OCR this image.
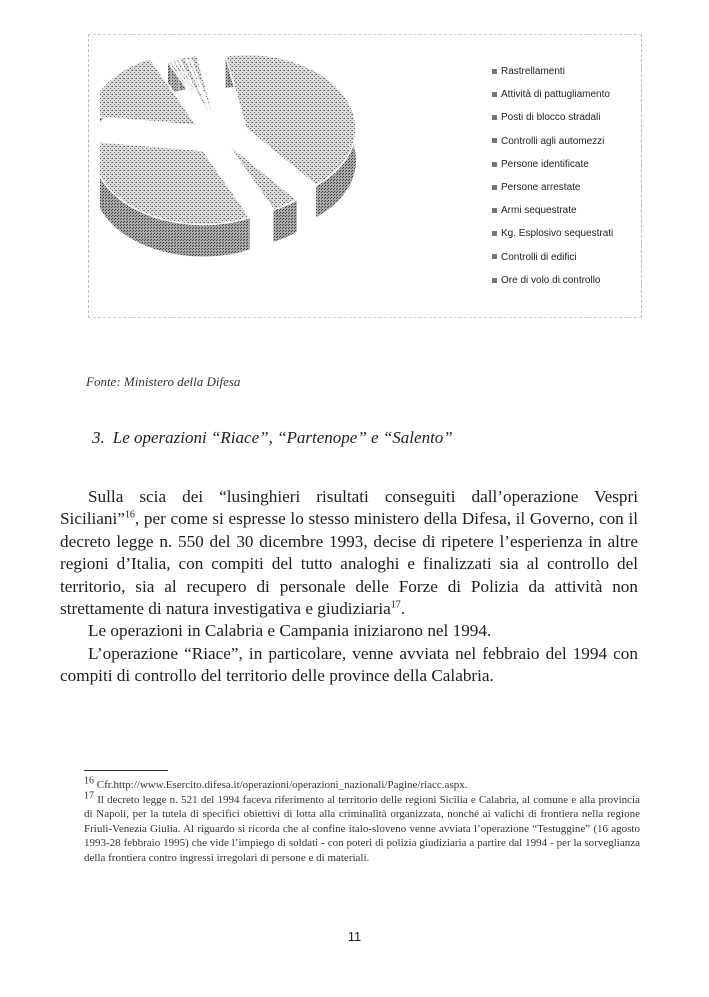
Rastrellamenti
Attività di pattugliamento
Posti di blocco stradali
Controlli agli automezzi
Persone identificate
Persone arrestate
Armi sequestrate
Kg. Esplosivo sequestrati
Controlli di edifici
Ore di volo di controllo
Fonte: Ministero della Difesa
3. Le operazioni “Riace”, “Partenope” e “Salento”

Sulla scia dei “lusinghieri risultati conseguiti dall’operazione Vespri Siciliani”$^{16}$, per come si espresse lo stesso ministero della Difesa, il Governo, con il decreto legge n. 550 del 30 dicembre 1993, decise di ripetere l’esperienza in altre regioni d’Italia, con compiti del tutto analoghi e finalizzati sia al controllo del territorio, sia al recupero di personale delle Forze di Polizia da attività non strettamente di natura investigativa e giudiziaria$^{17}$.

Le operazioni in Calabria e Campania iniziarono nel 1994.

L’operazione “Riace”, in particolare, venne avviata nel febbraio del 1994 con compiti di controllo del territorio delle province della Calabria.

$^{16}$ Cfr.http://www.Esercito.difesa.it/operazioni/operazioni_nazionali/Pagine/riacc.aspx.

$^{17}$ Il decreto legge n. 521 del 1994 faceva riferimento al territorio delle regioni Sicilia e Calabria, al comune e alla provincia di Napoli, per la tutela di specifici obiettivi di lotta alla criminalità organizzata, nonché ai valichi di frontiera nella regione Friuli-Venezia Giulia. Al riguardo si ricorda che al confine italo-sloveno venne avviata l’operazione “Testuggine” (16 agosto 1993-28 febbraio 1995) che vide l’impiego di soldati - con poteri di polizia giudiziaria a partire dal 1994 - per la sorveglianza della frontiera contro ingressi irregolari di persone e di materiali.

11
